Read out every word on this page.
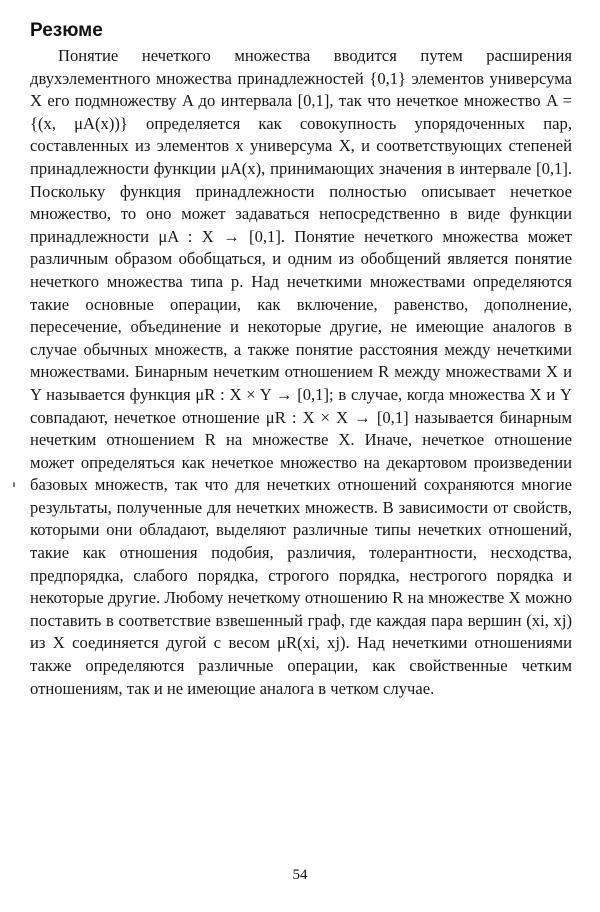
Резюме

Понятие нечеткого множества вводится путем расширения двухэлементного множества принадлежностей {0,1} элементов универсума X его подмножеству A до интервала [0,1], так что нечеткое множество A = {(x, μA(x))} определяется как совокупность упорядоченных пар, составленных из элементов x универсума X, и соответствующих степеней принадлежности функции μA(x), принимающих значения в интервале [0,1]. Поскольку функция принадлежности полностью описывает нечеткое множество, то оно может задаваться непосредственно в виде функции принадлежности μA : X → [0,1]. Понятие нечеткого множества может различным образом обобщаться, и одним из обобщений является понятие нечеткого множества типа p. Над нечеткими множествами определяются такие основные операции, как включение, равенство, дополнение, пересечение, объединение и некоторые другие, не имеющие аналогов в случае обычных множеств, а также понятие расстояния между нечеткими множествами. Бинарным нечетким отношением R между множествами X и Y называется функция μR : X × Y → [0,1]; в случае, когда множества X и Y совпадают, нечеткое отношение μR : X × X → [0,1] называется бинарным нечетким отношением R на множестве X. Иначе, нечеткое отношение может определяться как нечеткое множество на декартовом произведении базовых множеств, так что для нечетких отношений сохраняются многие результаты, полученные для нечетких множеств. В зависимости от свойств, которыми они обладают, выделяют различные типы нечетких отношений, такие как отношения подобия, различия, толерантности, несходства, предпорядка, слабого порядка, строгого порядка, нестрогого порядка и некоторые другие. Любому нечеткому отношению R на множестве X можно поставить в соответствие взвешенный граф, где каждая пара вершин (xi, xj) из X соединяется дугой с весом μR(xi, xj). Над нечеткими отношениями также определяются различные операции, как свойственные четким отношениям, так и не имеющие аналога в четком случае.

54
